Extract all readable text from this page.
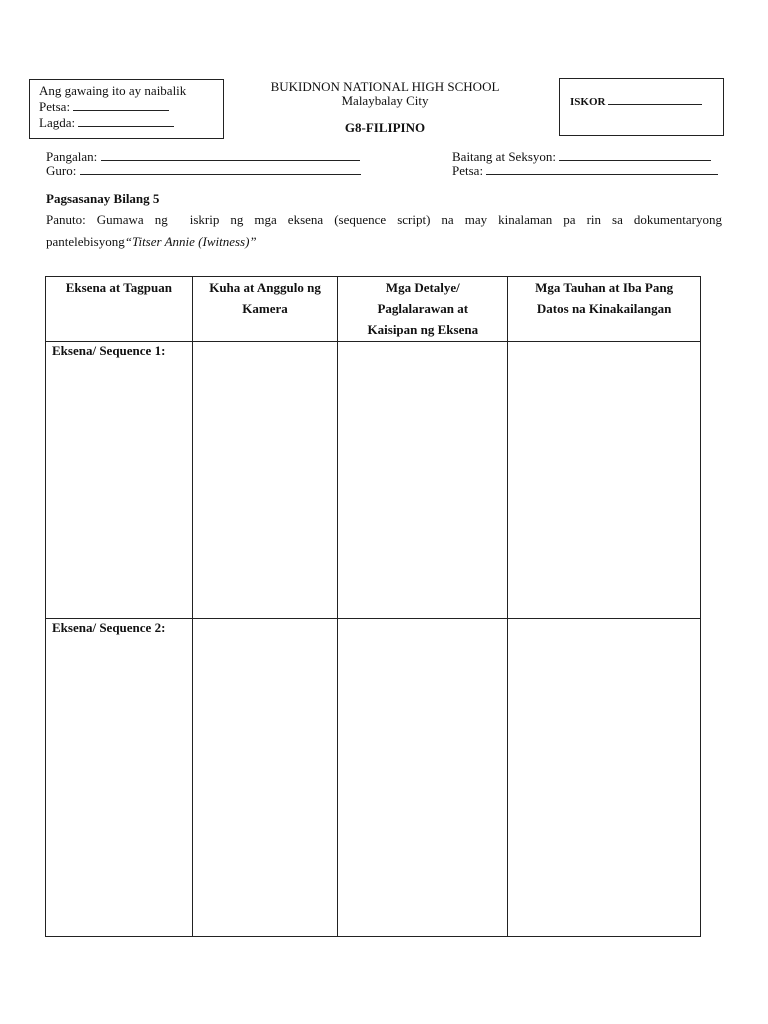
Ang gawaing ito ay naibalik
Petsa:
Lagda:
BUKIDNON NATIONAL HIGH SCHOOL
Malaybalay City
G8-FILIPINO
ISKOR
Pangalan:
Guro:
Baitang at Seksyon:
Petsa:
Pagsasanay Bilang 5
Panuto: Gumawa ng  iskrip ng mga eksena (sequence script) na may kinalaman pa rin sa dokumentaryong
pantelebisyong“Titser Annie (Iwitness)”
Eksena at Tagpuan	Kuha at Anggulo ng Kamera	Mga Detalye/ Paglalarawan at Kaisipan ng Eksena	Mga Tauhan at Iba Pang Datos na Kinakailangan

Eksena/ Sequence 1:			

Eksena/ Sequence 2:			
